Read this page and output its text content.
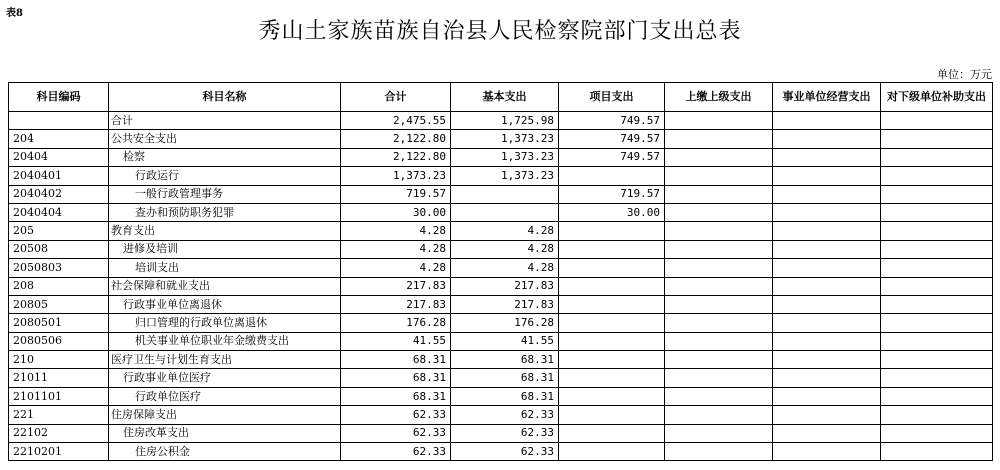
表8
秀山土家族苗族自治县人民检察院部门支出总表
单位：万元
科目编码	科目名称	合计	基本支出	项目支出	上缴上级支出	事业单位经营支出	对下级单位补助支出
	合计	2,475.55	1,725.98	749.57			
204	公共安全支出	2,122.80	1,373.23	749.57			
20404	检察	2,122.80	1,373.23	749.57			
2040401	行政运行	1,373.23	1,373.23				
2040402	一般行政管理事务	719.57		719.57			
2040404	查办和预防职务犯罪	30.00		30.00			
205	教育支出	4.28	4.28				
20508	进修及培训	4.28	4.28				
2050803	培训支出	4.28	4.28				
208	社会保障和就业支出	217.83	217.83				
20805	行政事业单位离退休	217.83	217.83				
2080501	归口管理的行政单位离退休	176.28	176.28				
2080506	机关事业单位职业年金缴费支出	41.55	41.55				
210	医疗卫生与计划生育支出	68.31	68.31				
21011	行政事业单位医疗	68.31	68.31				
2101101	行政单位医疗	68.31	68.31				
221	住房保障支出	62.33	62.33				
22102	住房改革支出	62.33	62.33				
2210201	住房公积金	62.33	62.33				
